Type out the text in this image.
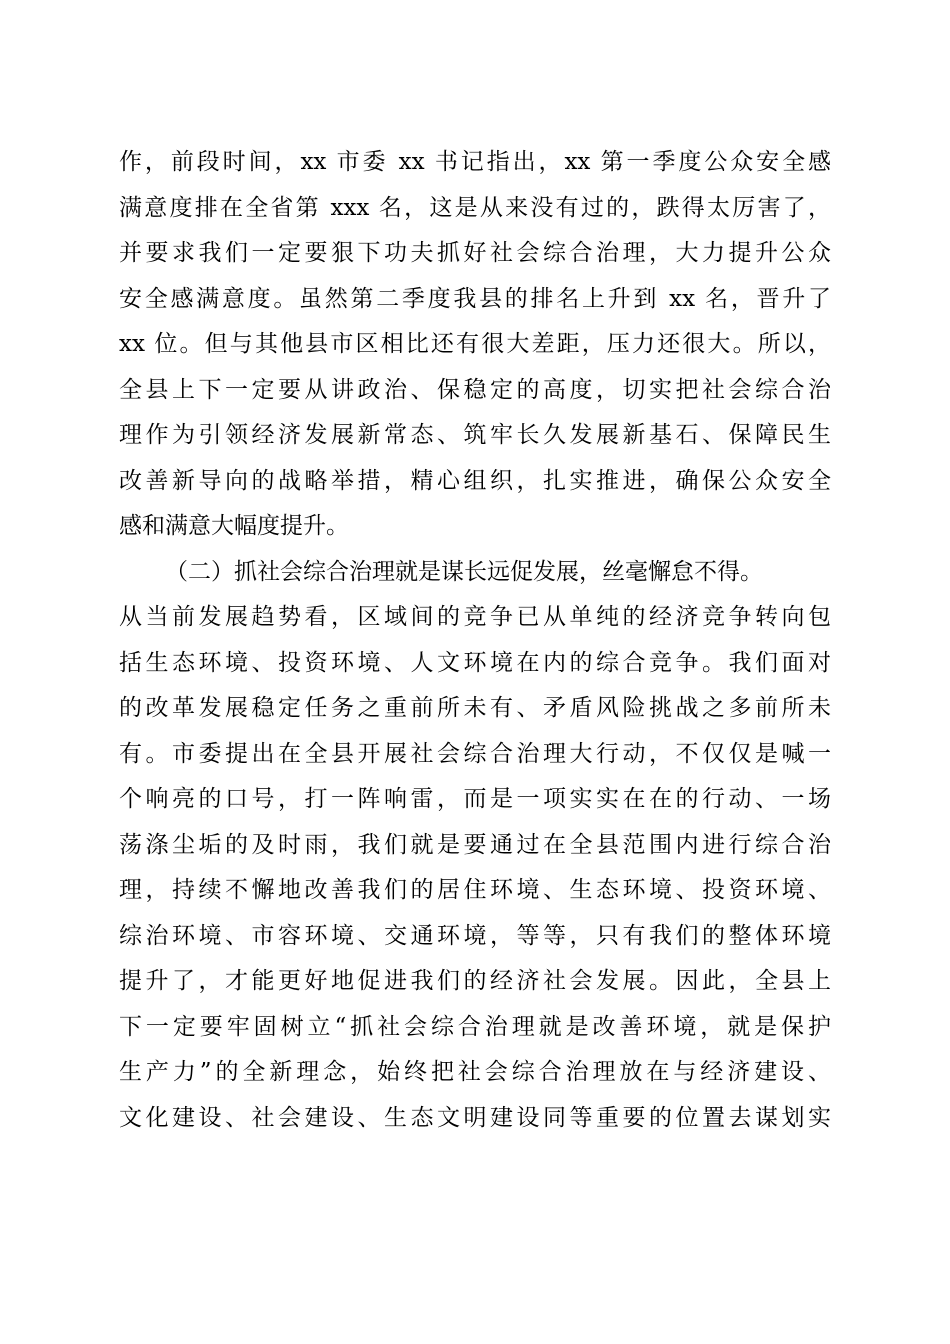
作，前段时间，xx 市委 xx 书记指出，xx 第一季度公众安全感
满意度排在全省第 xxx 名，这是从来没有过的，跌得太厉害了，
并要求我们一定要狠下功夫抓好社会综合治理，大力提升公众
安全感满意度。虽然第二季度我县的排名上升到 xx 名，晋升了
xx 位。但与其他县市区相比还有很大差距，压力还很大。所以，
全县上下一定要从讲政治、保稳定的高度，切实把社会综合治
理作为引领经济发展新常态、筑牢长久发展新基石、保障民生
改善新导向的战略举措，精心组织，扎实推进，确保公众安全
感和满意大幅度提升。
（二）抓社会综合治理就是谋长远促发展，丝毫懈怠不得。
从当前发展趋势看，区域间的竞争已从单纯的经济竞争转向包
括生态环境、投资环境、人文环境在内的综合竞争。我们面对
的改革发展稳定任务之重前所未有、矛盾风险挑战之多前所未
有。市委提出在全县开展社会综合治理大行动，不仅仅是喊一
个响亮的口号，打一阵响雷，而是一项实实在在的行动、一场
荡涤尘垢的及时雨，我们就是要通过在全县范围内进行综合治
理，持续不懈地改善我们的居住环境、生态环境、投资环境、
综治环境、市容环境、交通环境，等等，只有我们的整体环境
提升了，才能更好地促进我们的经济社会发展。因此，全县上
下一定要牢固树立“抓社会综合治理就是改善环境，就是保护
生产力”的全新理念，始终把社会综合治理放在与经济建设、
文化建设、社会建设、生态文明建设同等重要的位置去谋划实
